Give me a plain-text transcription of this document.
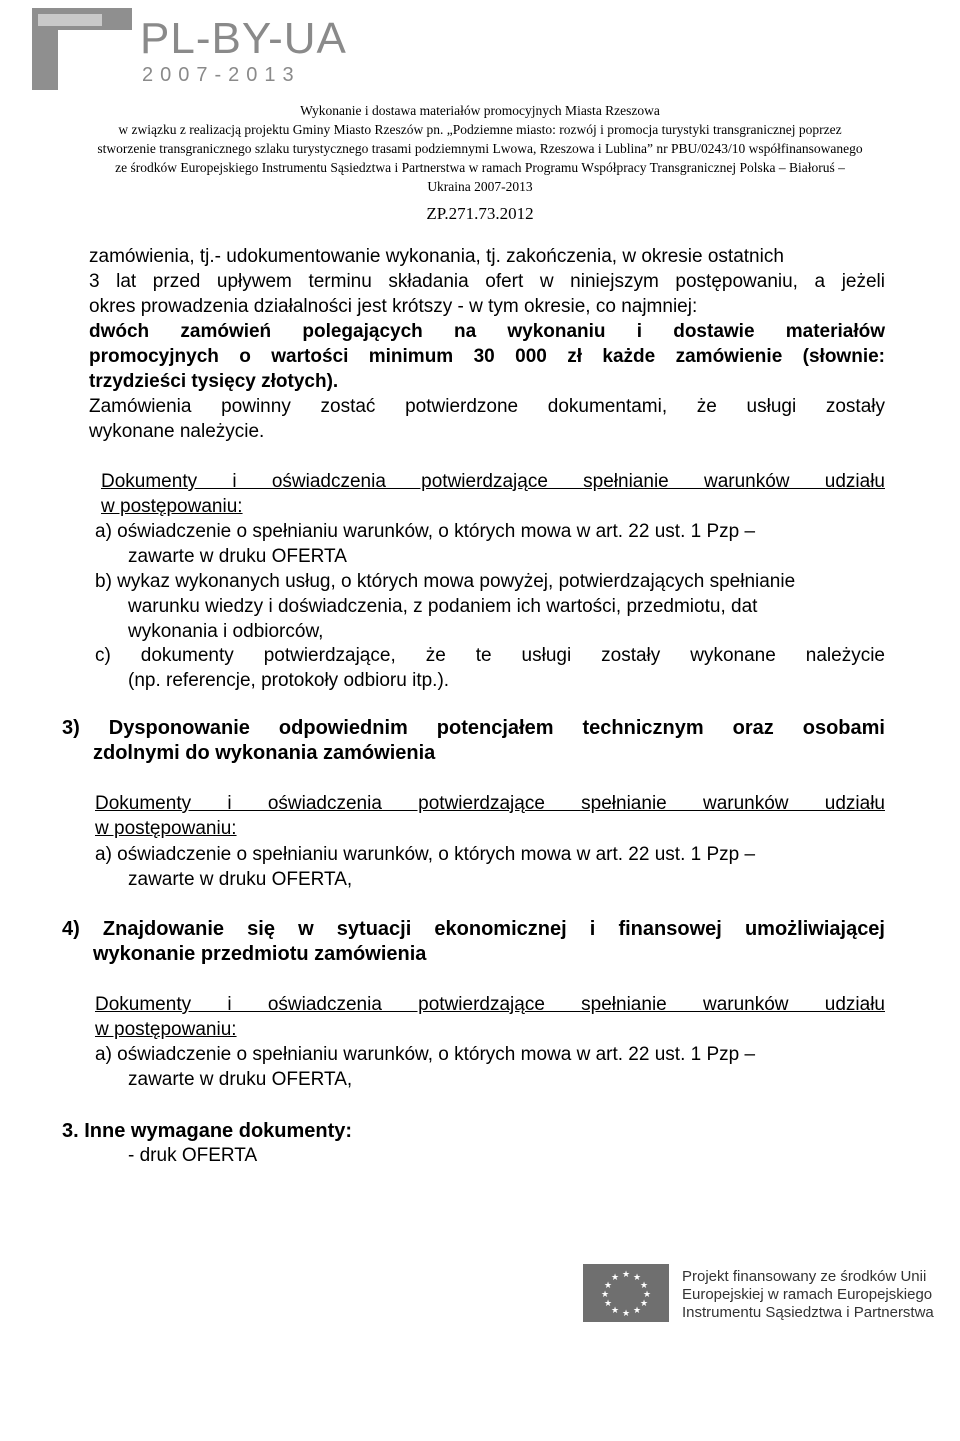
PL-BY-UA
2007-2013
Wykonanie i dostawa materiałów promocyjnych Miasta Rzeszowa
w związku z realizacją projektu Gminy Miasto Rzeszów pn. „Podziemne miasto: rozwój i promocja turystyki transgranicznej poprzez
stworzenie transgranicznego szlaku turystycznego trasami podziemnymi Lwowa, Rzeszowa i Lublina” nr PBU/0243/10 współfinansowanego
ze środków Europejskiego Instrumentu Sąsiedztwa i Partnerstwa w ramach Programu Współpracy Transgranicznej Polska – Białoruś –
Ukraina 2007-2013
ZP.271.73.2012
zamówienia, tj.- udokumentowanie wykonania, tj. zakończenia, w okresie ostatnich
3 lat przed upływem terminu składania ofert w niniejszym postępowaniu, a jeżeli
okres prowadzenia działalności jest krótszy - w tym okresie, co najmniej:
dwóch zamówień polegających na wykonaniu i dostawie materiałów
promocyjnych o wartości minimum 30 000 zł każde zamówienie (słownie:
trzydzieści tysięcy złotych).
Zamówienia powinny zostać potwierdzone dokumentami, że usługi zostały
wykonane należycie.
Dokumenty i oświadczenia potwierdzające spełnianie warunków udziału
w postępowaniu:
a) oświadczenie o spełnianiu warunków, o których mowa w art. 22 ust. 1 Pzp –
zawarte w druku OFERTA
b) wykaz wykonanych usług, o których mowa powyżej, potwierdzających spełnianie
warunku wiedzy i doświadczenia, z podaniem ich wartości, przedmiotu, dat
wykonania i odbiorców,
c) dokumenty potwierdzające, że te usługi zostały wykonane należycie
(np. referencje, protokoły odbioru itp.).
3) Dysponowanie odpowiednim potencjałem technicznym oraz osobami
zdolnymi do wykonania zamówienia
Dokumenty i oświadczenia potwierdzające spełnianie warunków udziału
w postępowaniu:
a) oświadczenie o spełnianiu warunków, o których mowa w art. 22 ust. 1 Pzp –
zawarte w druku OFERTA,
4) Znajdowanie się w sytuacji ekonomicznej i finansowej umożliwiającej
wykonanie przedmiotu zamówienia
Dokumenty i oświadczenia potwierdzające spełnianie warunków udziału
w postępowaniu:
a) oświadczenie o spełnianiu warunków, o których mowa w art. 22 ust. 1 Pzp –
zawarte w druku OFERTA,
3. Inne wymagane dokumenty:
- druk OFERTA
★ ★
★
★
★
★
★
★
★
★
★
★	Projekt finansowany ze środków Unii
Europejskiej w ramach Europejskiego
Instrumentu Sąsiedztwa i Partnerstwa
